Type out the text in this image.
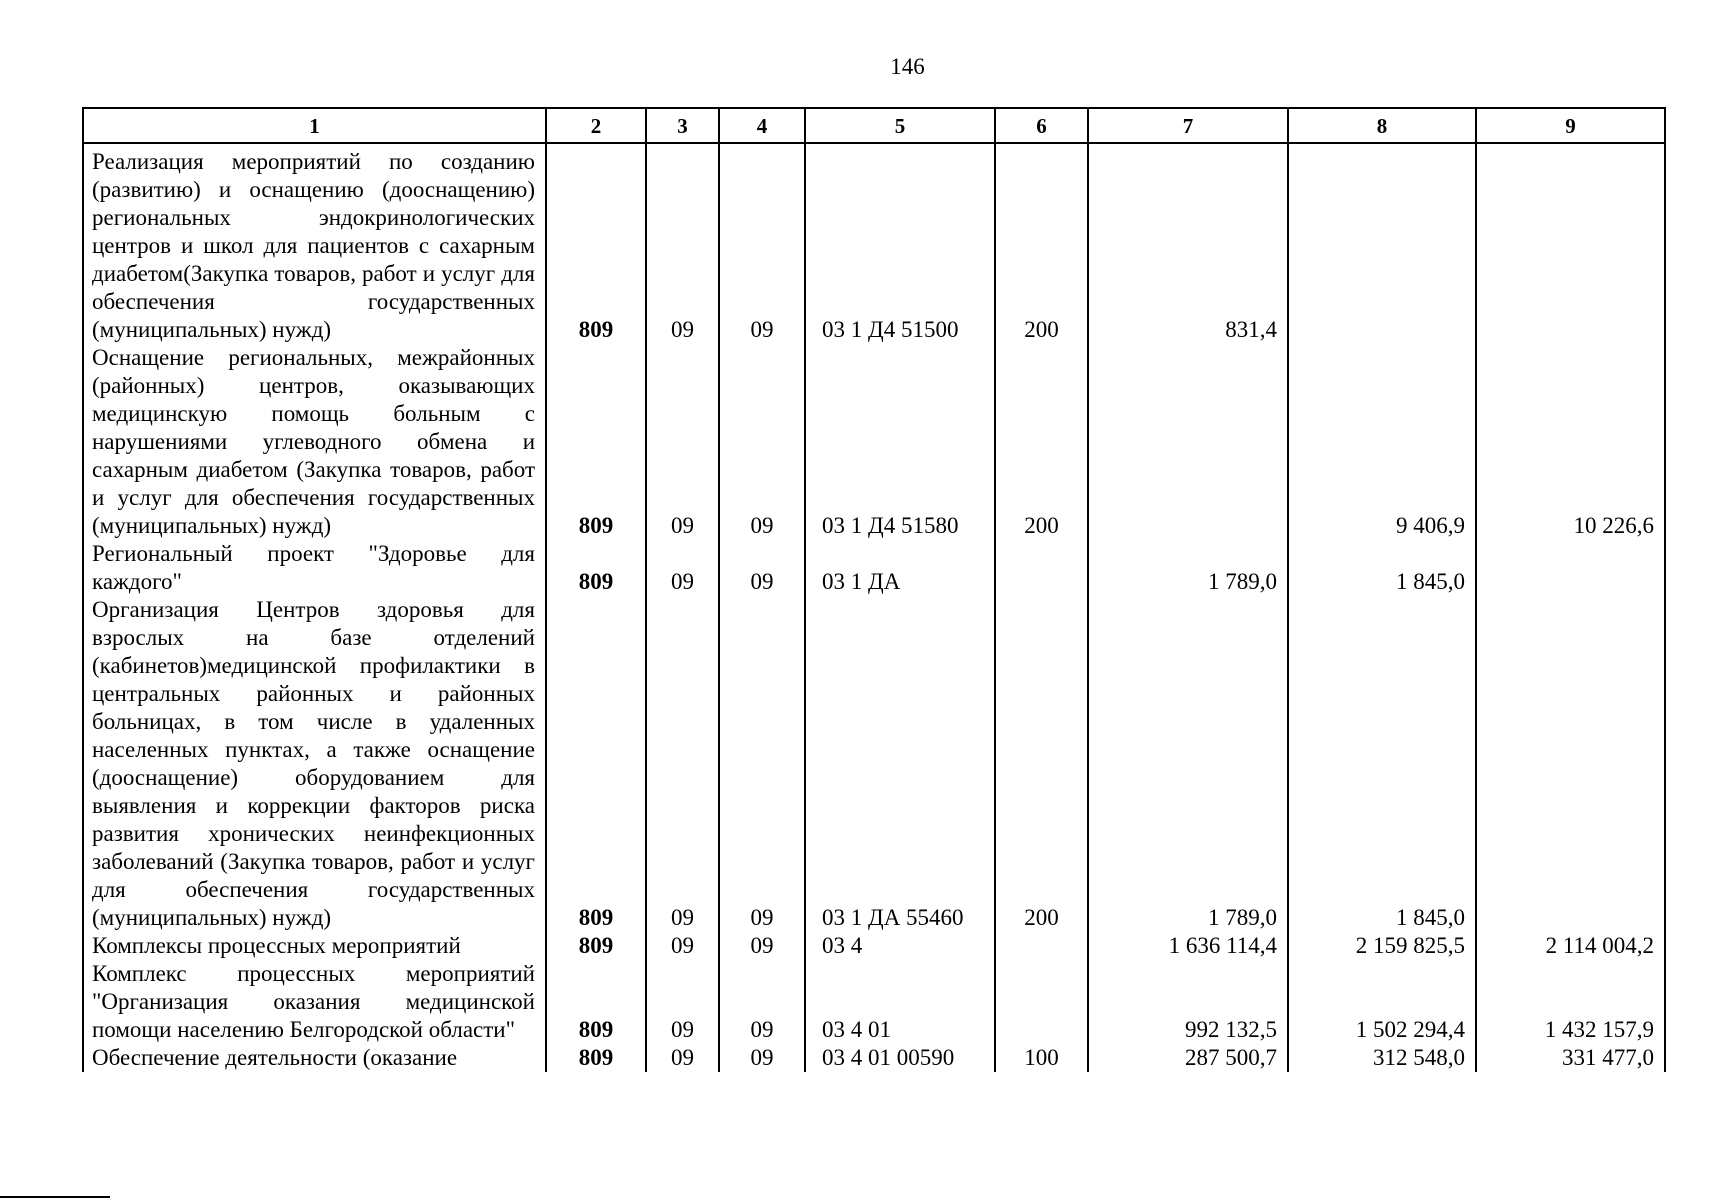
146
1	2	3	4	5	6	7	8	9
Реализация мероприятий по созданию (развитию) и оснащению (дооснащению) региональных эндокринологических центров и школ для пациентов с сахарным диабетом(Закупка товаров, работ и услуг для обеспечения государственных (муниципальных) нужд)	809	09	09	03 1 Д4 51500	200	831,4		
Оснащение региональных, межрайонных (районных) центров, оказывающих медицинскую помощь больным с нарушениями углеводного обмена и сахарным диабетом (Закупка товаров, работ и услуг для обеспечения государственных (муниципальных) нужд)	809	09	09	03 1 Д4 51580	200		9 406,9	10 226,6
Региональный проект "Здоровье для каждого"	809	09	09	03 1 ДА		1 789,0	1 845,0	
Организация Центров здоровья для взрослых на базе отделений (кабинетов)медицинской профилактики в центральных районных и районных больницах, в том числе в удаленных населенных пунктах, а также оснащение (дооснащение) оборудованием для выявления и коррекции факторов риска развития хронических неинфекционных заболеваний (Закупка товаров, работ и услуг для обеспечения государственных (муниципальных) нужд)	809	09	09	03 1 ДА 55460	200	1 789,0	1 845,0	
Комплексы процессных мероприятий	809	09	09	03 4		1 636 114,4	2 159 825,5	2 114 004,2
Комплекс процессных мероприятий "Организация оказания медицинской помощи населению Белгородской области"	809	09	09	03 4 01		992 132,5	1 502 294,4	1 432 157,9
Обеспечение деятельности (оказание	809	09	09	03 4 01 00590	100	287 500,7	312 548,0	331 477,0
